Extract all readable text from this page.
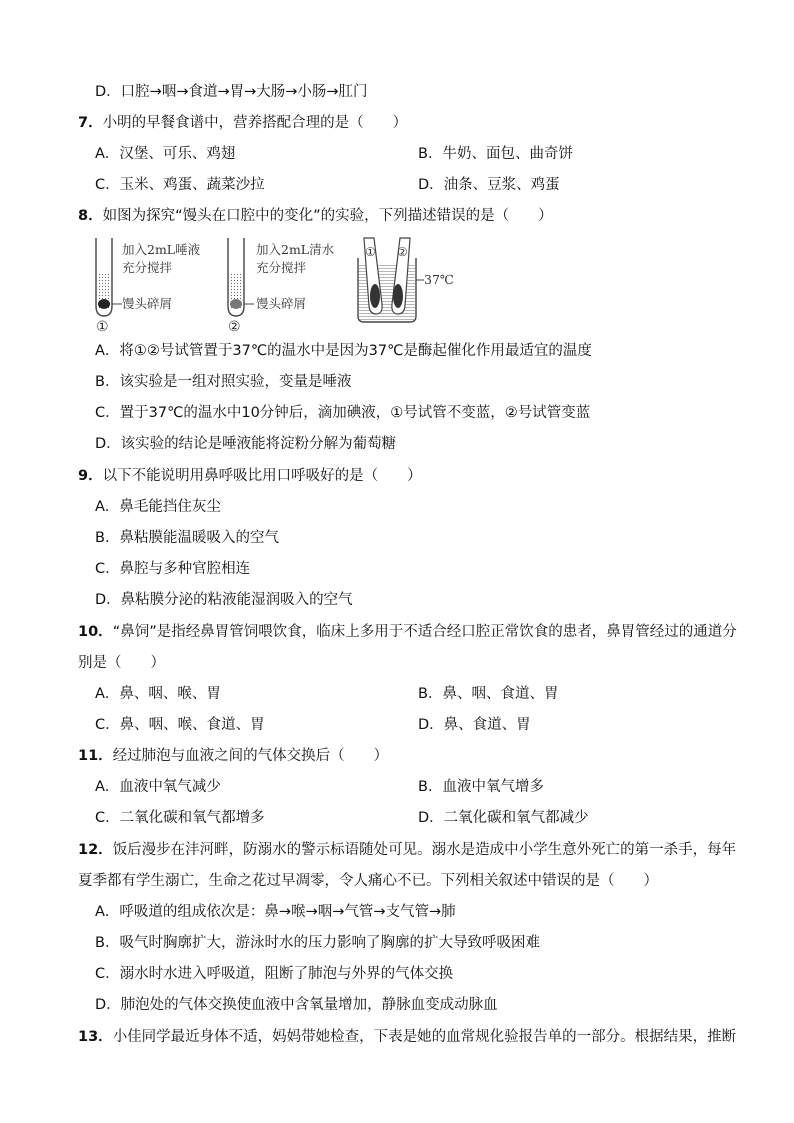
D．口腔→咽→食道→胃→大肠→小肠→肛门
7．小明的早餐食谱中，营养搭配合理的是（　　）
A．汉堡、可乐、鸡翅	B．牛奶、面包、曲奇饼
C．玉米、鸡蛋、蔬菜沙拉	D．油条、豆浆、鸡蛋
8．如图为探究“馒头在口腔中的变化”的实验，下列描述错误的是（　　）
加入2mL唾液
充分搅拌
馒头碎屑
①
加入2mL清水
充分搅拌
馒头碎屑
②
① ②
37℃
A．将①②号试管置于37℃的温水中是因为37℃是酶起催化作用最适宜的温度
B．该实验是一组对照实验，变量是唾液
C．置于37℃的温水中10分钟后，滴加碘液，①号试管不变蓝，②号试管变蓝
D．该实验的结论是唾液能将淀粉分解为葡萄糖
9．以下不能说明用鼻呼吸比用口呼吸好的是（　　）
A．鼻毛能挡住灰尘
B．鼻粘膜能温暖吸入的空气
C．鼻腔与多种官腔相连
D．鼻粘膜分泌的粘液能湿润吸入的空气
10．“鼻饲”是指经鼻胃管饲喂饮食，临床上多用于不适合经口腔正常饮食的患者，鼻胃管经过的通道分
别是（　　）
A．鼻、咽、喉、胃	B．鼻、咽、食道、胃
C．鼻、咽、喉、食道、胃	D．鼻、食道、胃
11．经过肺泡与血液之间的气体交换后（　　）
A．血液中氧气减少	B．血液中氧气增多
C．二氧化碳和氧气都增多	D．二氧化碳和氧气都减少
12．饭后漫步在沣河畔，防溺水的警示标语随处可见。溺水是造成中小学生意外死亡的第一杀手，每年
夏季都有学生溺亡，生命之花过早凋零，令人痛心不已。下列相关叙述中错误的是（　　）
A．呼吸道的组成依次是：鼻→喉→咽→气管→支气管→肺
B．吸气时胸廓扩大，游泳时水的压力影响了胸廓的扩大导致呼吸困难
C．溺水时水进入呼吸道，阻断了肺泡与外界的气体交换
D．肺泡处的气体交换使血液中含氧量增加，静脉血变成动脉血
13．小佳同学最近身体不适，妈妈带她检查，下表是她的血常规化验报告单的一部分。根据结果，推断
